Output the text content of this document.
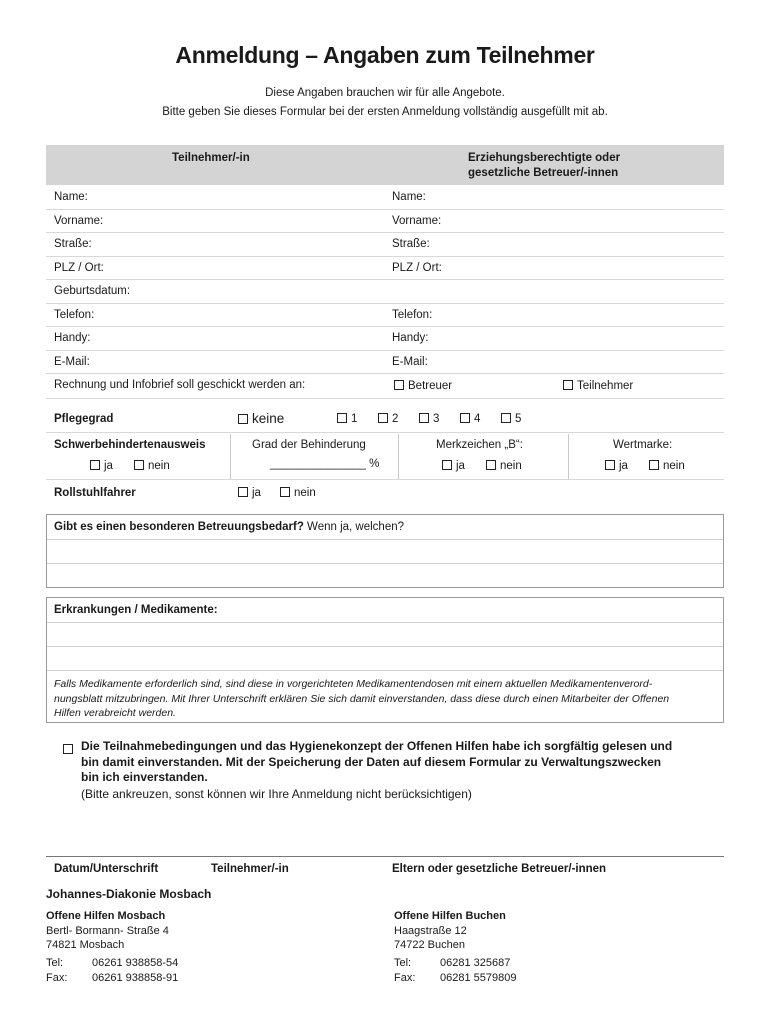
Anmeldung – Angaben zum Teilnehmer
Diese Angaben brauchen wir für alle Angebote.
Bitte geben Sie dieses Formular bei der ersten Anmeldung vollständig ausgefüllt mit ab.
Teilnehmer/-in	Erziehungsberechtigte oder
gesetzliche Betreuer/-innen
Name:	Name:
Vorname:	Vorname:
Straße:	Straße:
PLZ / Ort:	PLZ / Ort:
Geburtsdatum:
Telefon:	Telefon:
Handy:	Handy:
E-Mail:	E-Mail:
Rechnung und Infobrief soll geschickt werden an:	Betreuer	Teilnehmer
Pflegegrad	keine	1	2	3	4	5
Schwerbehindertenausweis
ja	nein
Grad der Behinderung
_______________ %
Merkzeichen „B“:
ja	nein
Wertmarke:
ja	nein
Rollstuhlfahrer	ja	nein
Gibt es einen besonderen Betreuungsbedarf? Wenn ja, welchen?
Erkrankungen / Medikamente:
Falls Medikamente erforderlich sind, sind diese in vorgerichteten Medikamentendosen mit einem aktuellen Medikamentenverord-
nungsblatt mitzubringen. Mit Ihrer Unterschrift erklären Sie sich damit einverstanden, dass diese durch einen Mitarbeiter der Offenen
Hilfen verabreicht werden.
Die Teilnahmebedingungen und das Hygienekonzept der Offenen Hilfen habe ich sorgfältig gelesen und
bin damit einverstanden. Mit der Speicherung der Daten auf diesem Formular zu Verwaltungszwecken
bin ich einverstanden.
(Bitte ankreuzen, sonst können wir Ihre Anmeldung nicht berücksichtigen)
Datum/Unterschrift	Teilnehmer/-in	Eltern oder gesetzliche Betreuer/-innen
Johannes-Diakonie Mosbach
Offene Hilfen Mosbach
Bertl- Bormann- Straße 4
74821 Mosbach
Tel:	06261 938858-54
Fax: 06261 938858-91
Offene Hilfen Buchen
Haagstraße 12
74722 Buchen
Tel:	06281 325687
Fax: 06281 5579809
